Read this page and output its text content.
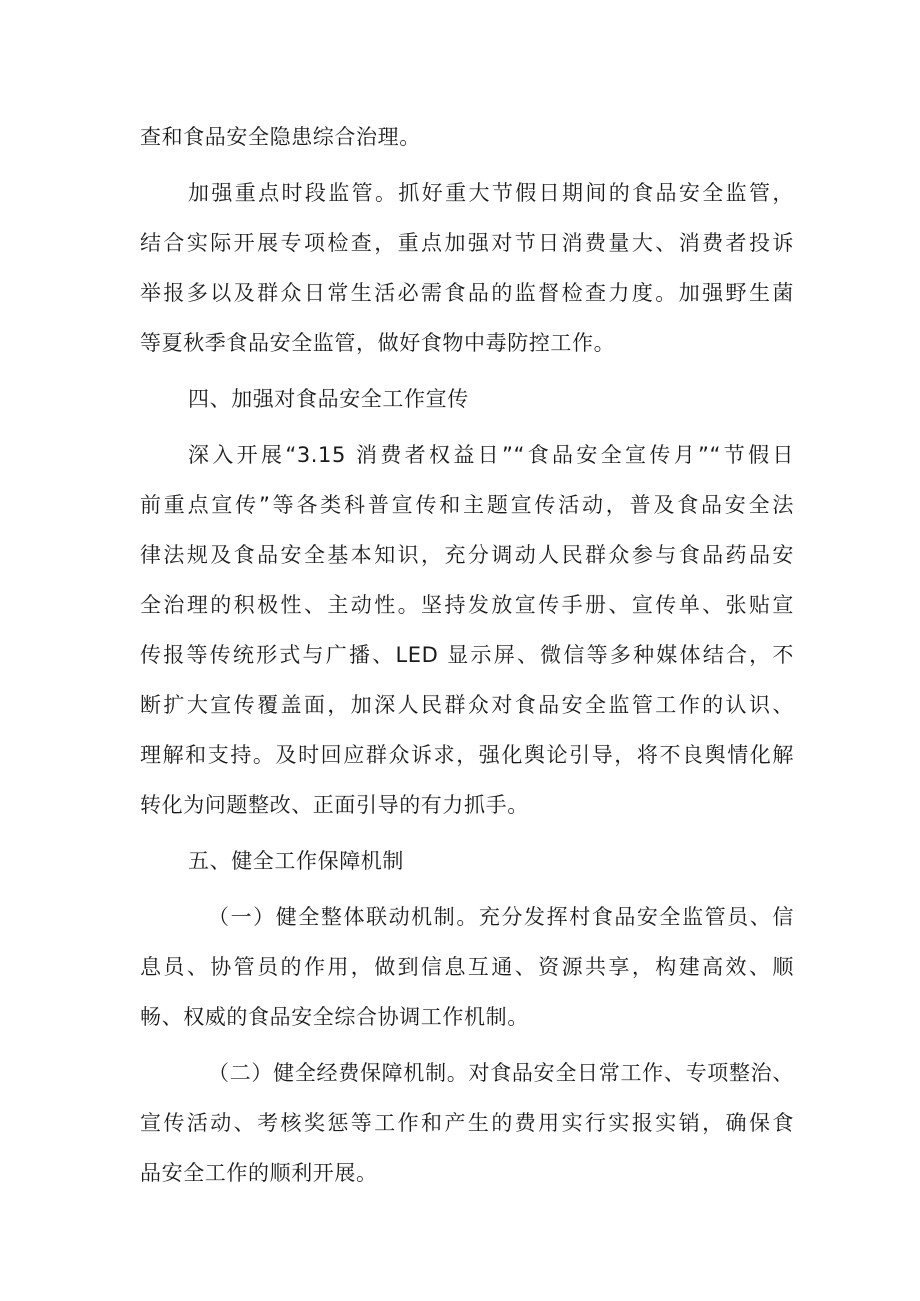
查和食品安全隐患综合治理。
加强重点时段监管。抓好重大节假日期间的食品安全监管，
结合实际开展专项检查，重点加强对节日消费量大、消费者投诉
举报多以及群众日常生活必需食品的监督检查力度。加强野生菌
等夏秋季食品安全监管，做好食物中毒防控工作。
四、加强对食品安全工作宣传
深入开展“3.15 消费者权益日”“食品安全宣传月”“节假日
前重点宣传”等各类科普宣传和主题宣传活动，普及食品安全法
律法规及食品安全基本知识，充分调动人民群众参与食品药品安
全治理的积极性、主动性。坚持发放宣传手册、宣传单、张贴宣
传报等传统形式与广播、LED 显示屏、微信等多种媒体结合，不
断扩大宣传覆盖面，加深人民群众对食品安全监管工作的认识、
理解和支持。及时回应群众诉求，强化舆论引导，将不良舆情化解
转化为问题整改、正面引导的有力抓手。
五、健全工作保障机制
（一）健全整体联动机制。充分发挥村食品安全监管员、信
息员、协管员的作用，做到信息互通、资源共享，构建高效、顺
畅、权威的食品安全综合协调工作机制。
（二）健全经费保障机制。对食品安全日常工作、专项整治、
宣传活动、考核奖惩等工作和产生的费用实行实报实销，确保食
品安全工作的顺利开展。
